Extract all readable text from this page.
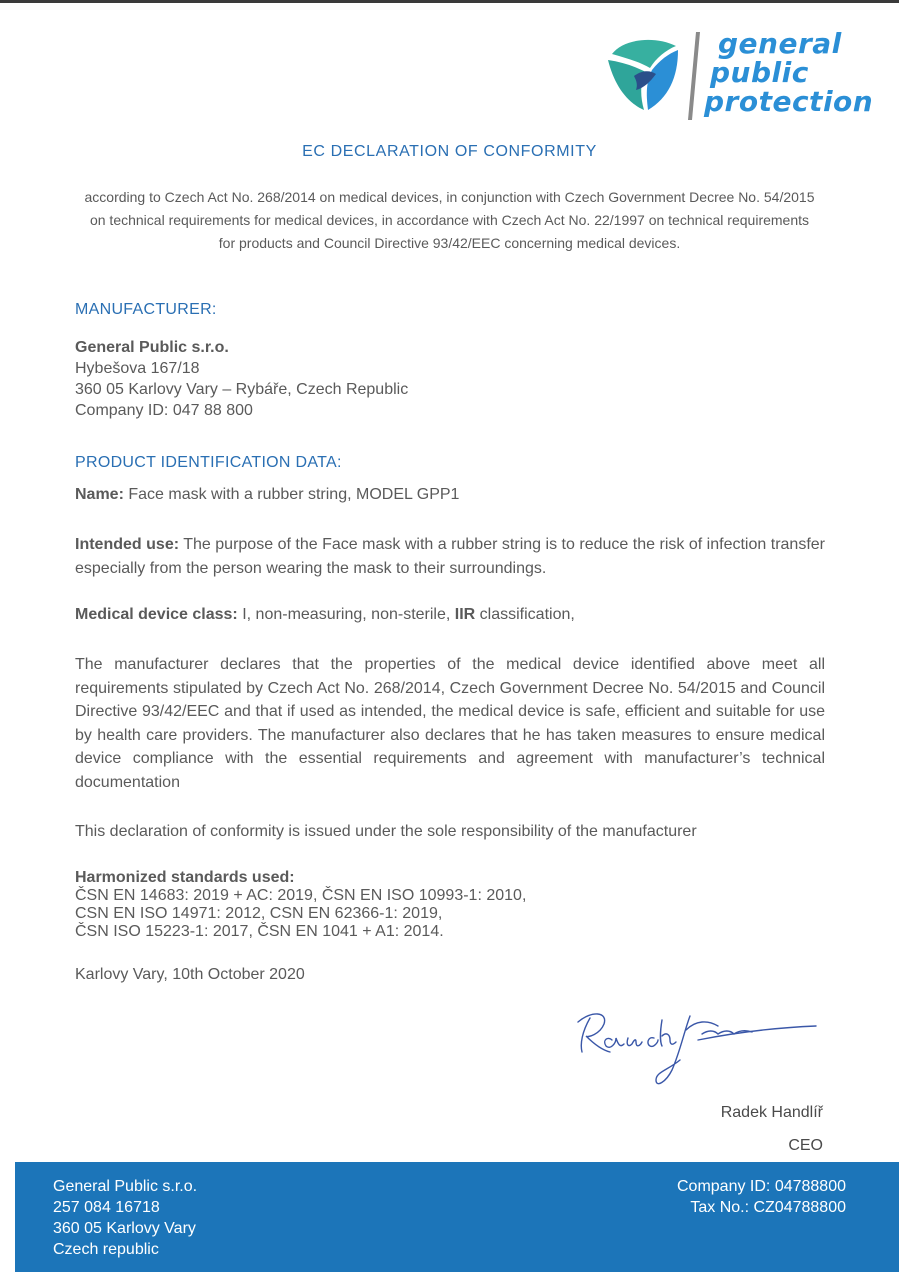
general
public
protection
EC DECLARATION OF CONFORMITY
according to Czech Act No. 268/2014 on medical devices, in conjunction with Czech Government Decree No. 54/2015 on technical requirements for medical devices, in accordance with Czech Act No. 22/1997 on technical requirements for products and Council Directive 93/42/EEC concerning medical devices.
MANUFACTURER:
General Public s.r.o.
Hybešova 167/18
360 05 Karlovy Vary – Rybáře, Czech Republic
Company ID: 047 88 800
PRODUCT IDENTIFICATION DATA:
Name: Face mask with a rubber string, MODEL GPP1
Intended use: The purpose of the Face mask with a rubber string is to reduce the risk of infection transfer especially from the person wearing the mask to their surroundings.
Medical device class: I, non-measuring, non-sterile, IIR classification,
The manufacturer declares that the properties of the medical device identified above meet all requirements stipulated by Czech Act No. 268/2014, Czech Government Decree No. 54/2015 and Council Directive 93/42/EEC and that if used as intended, the medical device is safe, efficient and suitable for use by health care providers. The manufacturer also declares that he has taken measures to ensure medical device compliance with the essential requirements and agreement with manufacturer’s technical documentation
This declaration of conformity is issued under the sole responsibility of the manufacturer
Harmonized standards used:
ČSN EN 14683: 2019 + AC: 2019, ČSN EN ISO 10993-1: 2010,
CSN EN ISO 14971: 2012, CSN EN 62366-1: 2019,
ČSN ISO 15223-1: 2017, ČSN EN 1041 + A1: 2014.
Karlovy Vary, 10th October 2020
Radek Handlíř
CEO
General Public s.r.o.
257 084 16718
360 05 Karlovy Vary
Czech republic
Company ID: 04788800
Tax No.: CZ04788800
